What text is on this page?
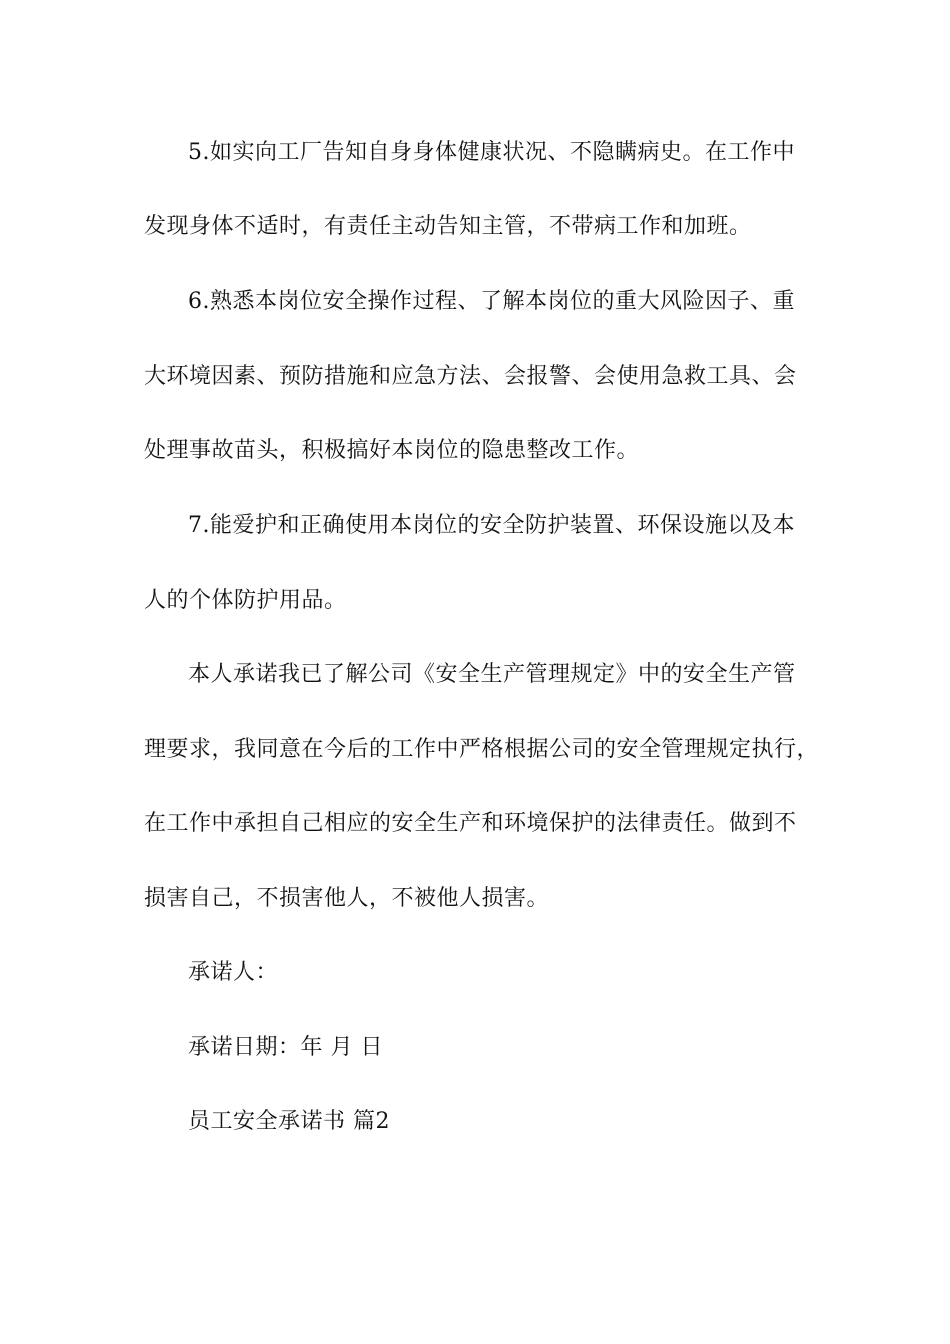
5.如实向工厂告知自身身体健康状况、不隐瞒病史。在工作中
发现身体不适时，有责任主动告知主管，不带病工作和加班。
6.熟悉本岗位安全操作过程、了解本岗位的重大风险因子、重
大环境因素、预防措施和应急方法、会报警、会使用急救工具、会
处理事故苗头，积极搞好本岗位的隐患整改工作。
7.能爱护和正确使用本岗位的安全防护装置、环保设施以及本
人的个体防护用品。
本人承诺我已了解公司《安全生产管理规定》中的安全生产管
理要求，我同意在今后的工作中严格根据公司的安全管理规定执行，
在工作中承担自己相应的安全生产和环境保护的法律责任。做到不
损害自己，不损害他人，不被他人损害。
承诺人：
承诺日期：年 月 日
员工安全承诺书 篇2
